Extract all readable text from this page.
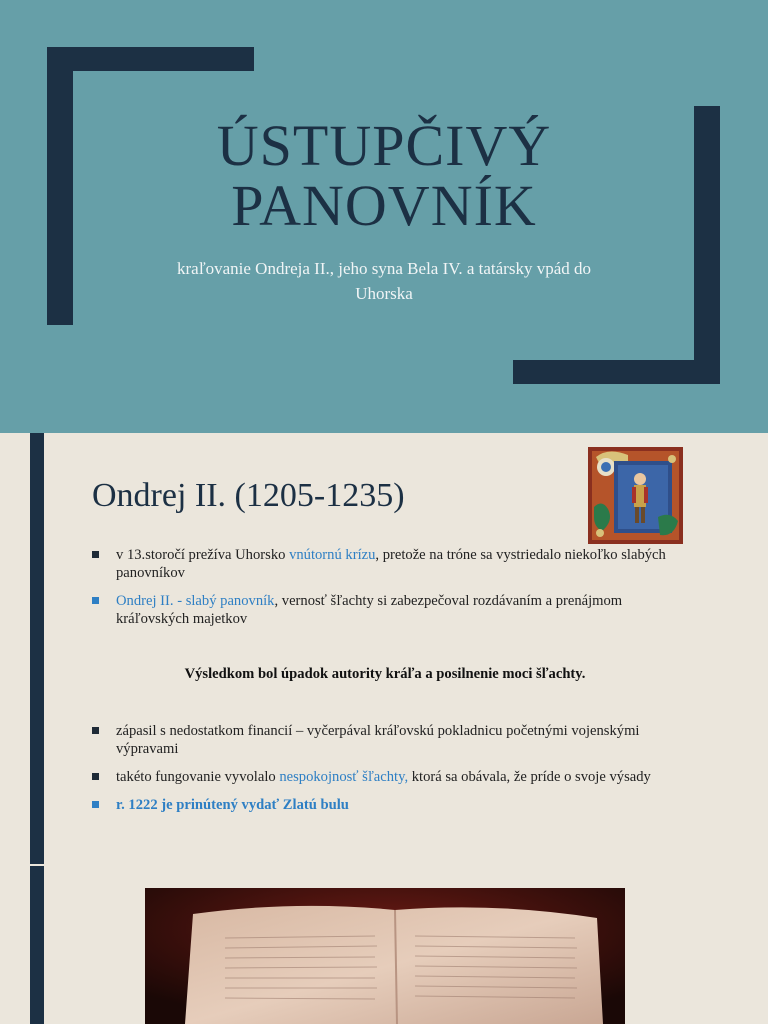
ÚSTUPČIVÝ
PANOVNÍK
kraľovanie Ondreja II., jeho syna Bela IV. a tatársky vpád do Uhorska
Ondrej II. (1205-1235)
v 13.storočí prežíva Uhorsko vnútornú krízu, pretože na tróne sa vystriedalo niekoľko slabých panovníkov
Ondrej II. - slabý panovník, vernosť šľachty si zabezpečoval rozdávaním a prenájmom kráľovských majetkov
Výsledkom bol úpadok autority kráľa a posilnenie moci šľachty.
zápasil s nedostatkom financií – vyčerpával kráľovskú pokladnicu početnými vojenskými výpravami
takéto fungovanie vyvolalo nespokojnosť šľachty, ktorá sa obávala, že príde o svoje výsady
r. 1222 je prinútený vydať Zlatú bulu
